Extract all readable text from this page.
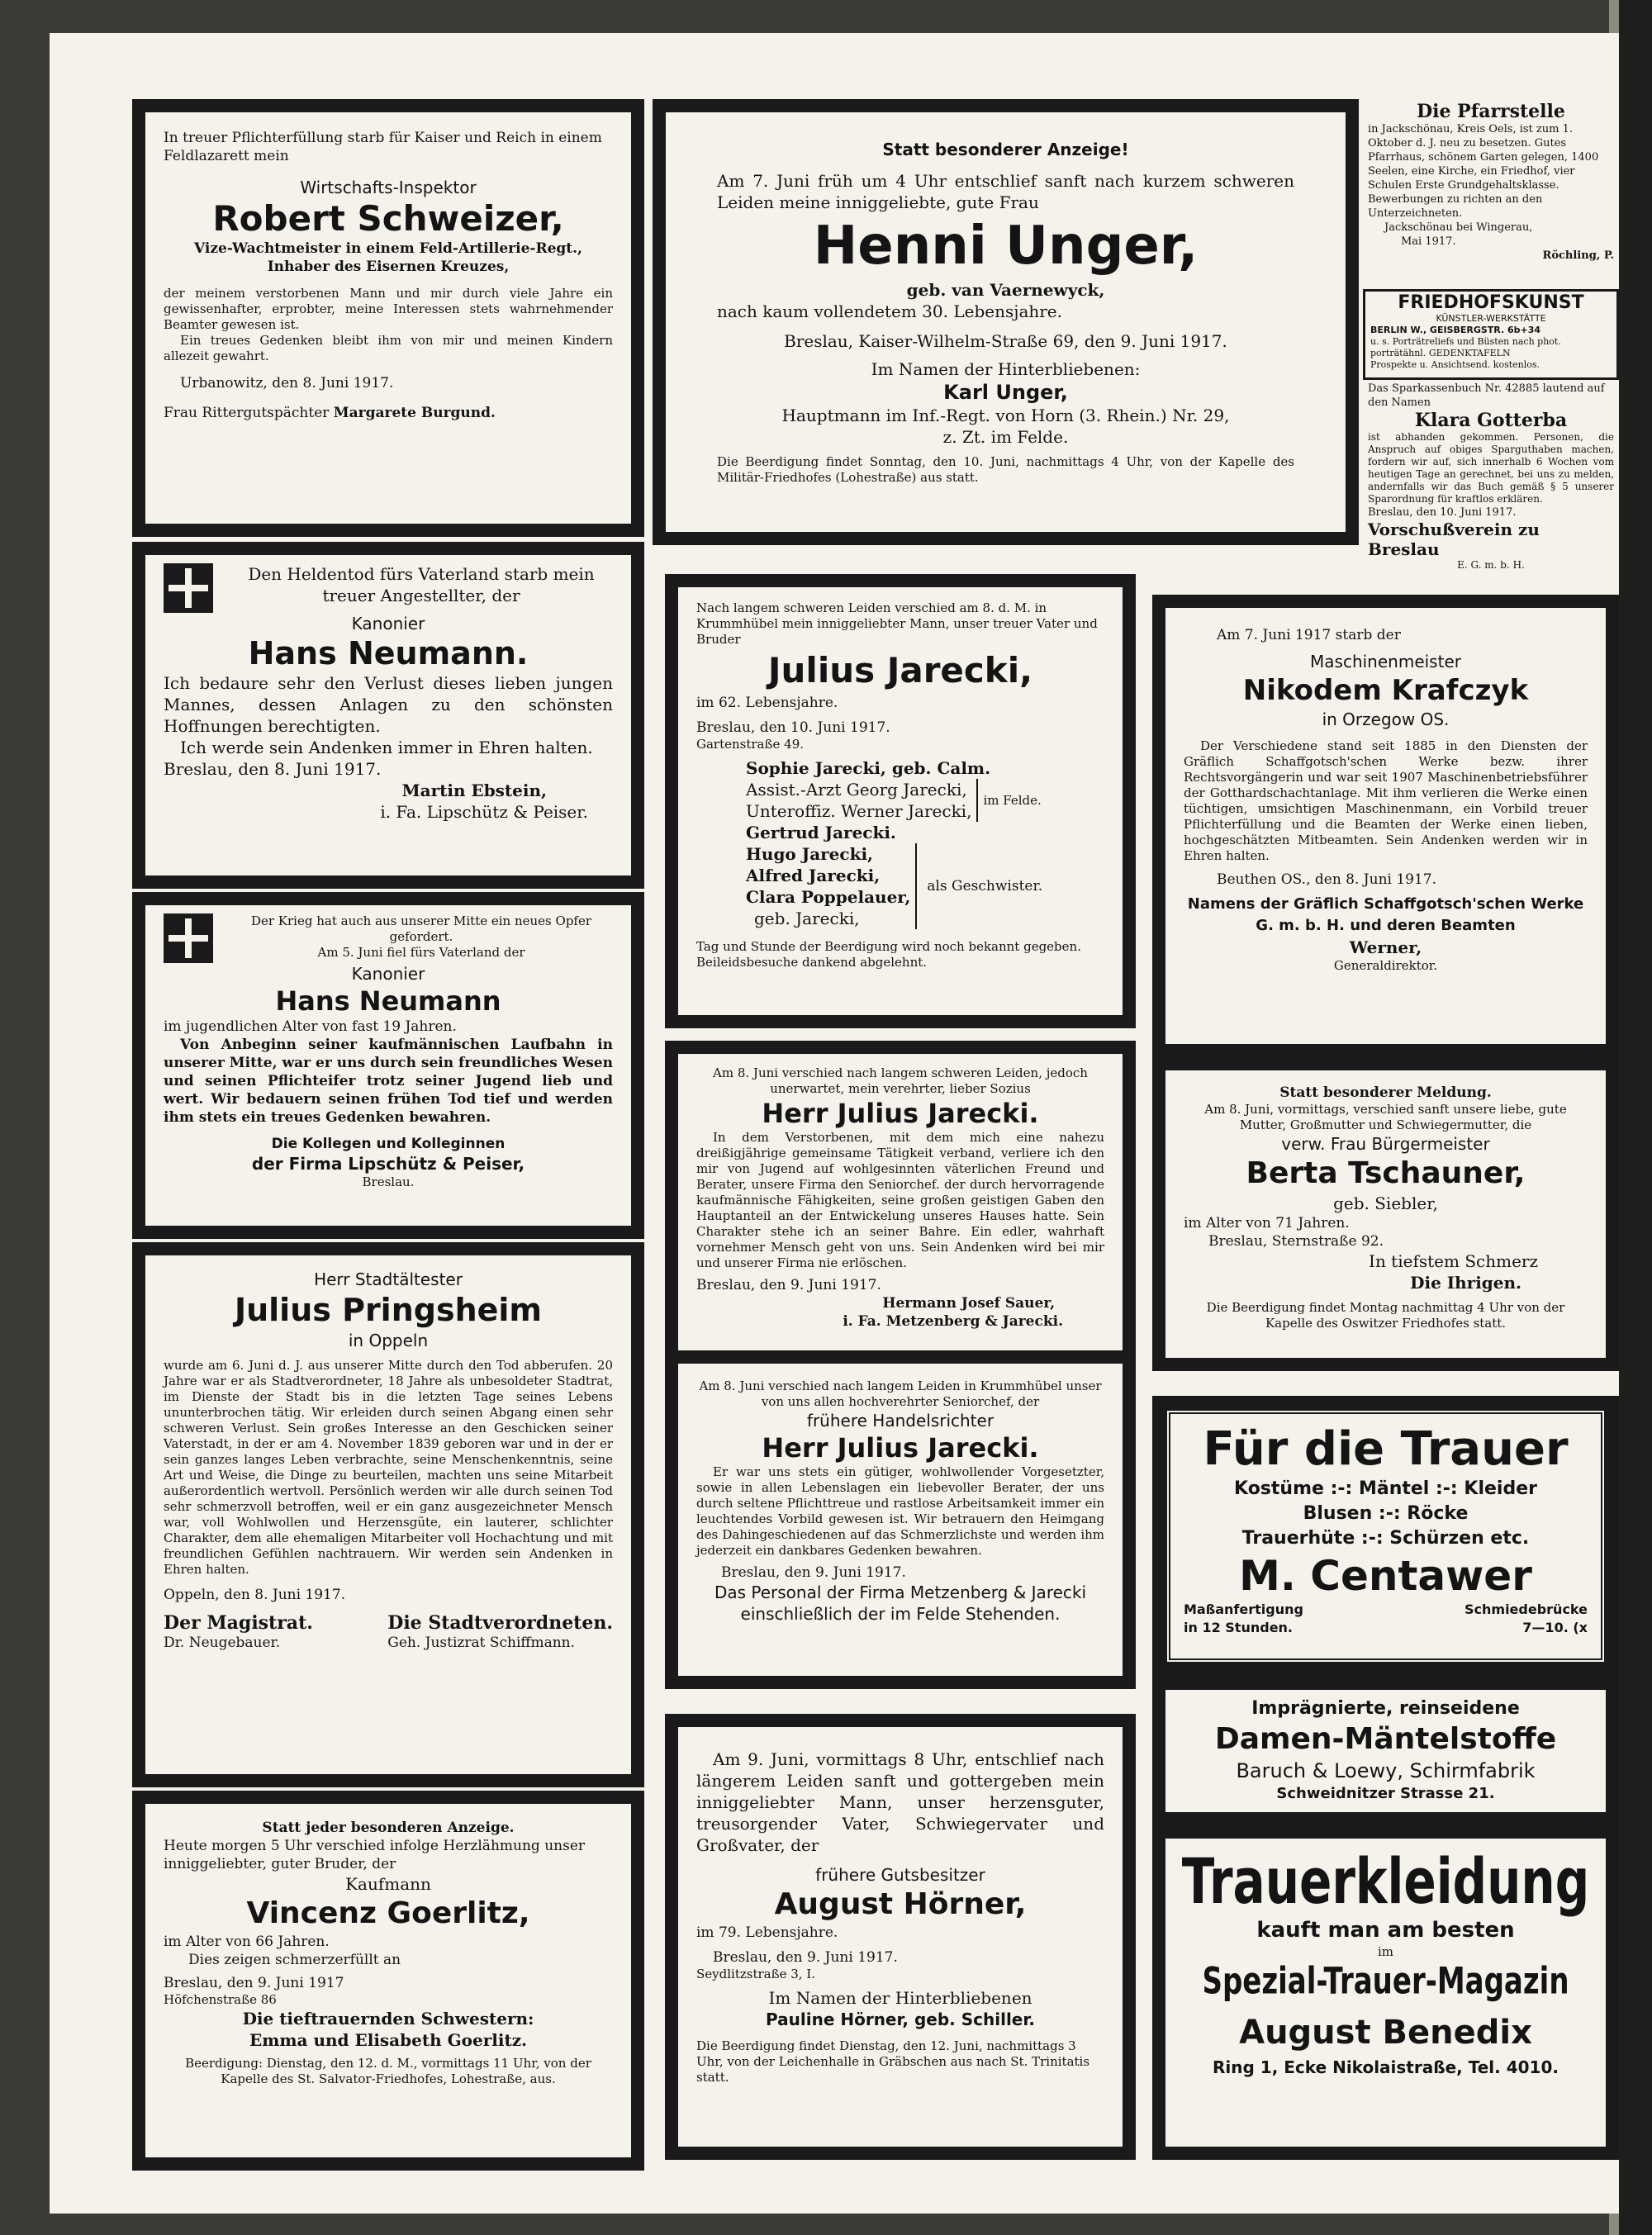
In treuer Pflichterfüllung starb für Kaiser und Reich in einem Feldlazarett mein

Wirtschafts-Inspektor

Robert Schweizer,

Vize-Wachtmeister in einem Feld-Artillerie-Regt.,

Inhaber des Eisernen Kreuzes,

der meinem verstorbenen Mann und mir durch viele Jahre ein gewissenhafter, erprobter, meine Interessen stets wahrnehmender Beamter gewesen ist.

Ein treues Gedenken bleibt ihm von mir und meinen Kindern allezeit gewahrt.

Urbanowitz, den 8. Juni 1917.

Frau Rittergutspächter Margarete Burgund.

Den Heldentod fürs Vaterland starb mein treuer Angestellter, der

Kanonier

Hans Neumann.

Ich bedaure sehr den Verlust dieses lieben jungen Mannes, dessen Anlagen zu den schönsten Hoffnungen berechtigten.

Ich werde sein Andenken immer in Ehren halten.

Breslau, den 8. Juni 1917.

Martin Ebstein,

i. Fa. Lipschütz & Peiser.

Der Krieg hat auch aus unserer Mitte ein neues Opfer gefordert.

Am 5. Juni fiel fürs Vaterland der

Kanonier

Hans Neumann

im jugendlichen Alter von fast 19 Jahren.

Von Anbeginn seiner kaufmännischen Laufbahn in unserer Mitte, war er uns durch sein freundliches Wesen und seinen Pflichteifer trotz seiner Jugend lieb und wert. Wir bedauern seinen frühen Tod tief und werden ihm stets ein treues Gedenken bewahren.

Die Kollegen und Kolleginnen

der Firma Lipschütz & Peiser,

Breslau.

Herr Stadtältester

Julius Pringsheim

in Oppeln

wurde am 6. Juni d. J. aus unserer Mitte durch den Tod abberufen. 20 Jahre war er als Stadtverordneter, 18 Jahre als unbesoldeter Stadtrat, im Dienste der Stadt bis in die letzten Tage seines Lebens ununterbrochen tätig. Wir erleiden durch seinen Abgang einen sehr schweren Verlust. Sein großes Interesse an den Geschicken seiner Vaterstadt, in der er am 4. November 1839 geboren war und in der er sein ganzes langes Leben verbrachte, seine Menschenkenntnis, seine Art und Weise, die Dinge zu beurteilen, machten uns seine Mitarbeit außerordentlich wertvoll. Persönlich werden wir alle durch seinen Tod sehr schmerzvoll betroffen, weil er ein ganz ausgezeichneter Mensch war, voll Wohlwollen und Herzensgüte, ein lauterer, schlichter Charakter, dem alle ehemaligen Mitarbeiter voll Hochachtung und mit freundlichen Gefühlen nachtrauern. Wir werden sein Andenken in Ehren halten.

Oppeln, den 8. Juni 1917.

Der Magistrat.

Dr. Neugebauer.

Die Stadtverordneten.

Geh. Justizrat Schiffmann.

Statt jeder besonderen Anzeige.

Heute morgen 5 Uhr verschied infolge Herzlähmung unser inniggeliebter, guter Bruder, der

Kaufmann

Vincenz Goerlitz,

im Alter von 66 Jahren.

Dies zeigen schmerzerfüllt an

Breslau, den 9. Juni 1917

Höfchenstraße 86

Die tieftrauernden Schwestern:

Emma und Elisabeth Goerlitz.

Beerdigung: Dienstag, den 12. d. M., vormittags 11 Uhr, von der Kapelle des St. Salvator-Friedhofes, Lohestraße, aus.

Statt besonderer Anzeige!

Am 7. Juni früh um 4 Uhr entschlief sanft nach kurzem schweren Leiden meine inniggeliebte, gute Frau

Henni Unger,

geb. van Vaernewyck,

nach kaum vollendetem 30. Lebensjahre.

Breslau, Kaiser-Wilhelm-Straße 69, den 9. Juni 1917.

Im Namen der Hinterbliebenen:

Karl Unger,

Hauptmann im Inf.-Regt. von Horn (3. Rhein.) Nr. 29,

z. Zt. im Felde.

Die Beerdigung findet Sonntag, den 10. Juni, nachmittags 4 Uhr, von der Kapelle des Militär-Friedhofes (Lohestraße) aus statt.

Nach langem schweren Leiden verschied am 8. d. M. in Krummhübel mein inniggeliebter Mann, unser treuer Vater und Bruder

Julius Jarecki,

im 62. Lebensjahre.

Breslau, den 10. Juni 1917.

Gartenstraße 49.

Sophie Jarecki, geb. Calm.

Assist.-Arzt Georg Jarecki,

Unteroffiz. Werner Jarecki,

im Felde.

Gertrud Jarecki.

Hugo Jarecki,

Alfred Jarecki,

Clara Poppelauer,

geb. Jarecki,

als Geschwister.

Tag und Stunde der Beerdigung wird noch bekannt gegeben.

Beileidsbesuche dankend abgelehnt.

Am 8. Juni verschied nach langem schweren Leiden, jedoch unerwartet, mein verehrter, lieber Sozius

Herr Julius Jarecki.

In dem Verstorbenen, mit dem mich eine nahezu dreißigjährige gemeinsame Tätigkeit verband, verliere ich den mir von Jugend auf wohlgesinnten väterlichen Freund und Berater, unsere Firma den Seniorchef. der durch hervorragende kaufmännische Fähigkeiten, seine großen geistigen Gaben den Hauptanteil an der Entwickelung unseres Hauses hatte. Sein Charakter stehe ich an seiner Bahre. Ein edler, wahrhaft vornehmer Mensch geht von uns. Sein Andenken wird bei mir und unserer Firma nie erlöschen.

Breslau, den 9. Juni 1917.

Hermann Josef Sauer,

i. Fa. Metzenberg & Jarecki.

Am 8. Juni verschied nach langem Leiden in Krummhübel unser von uns allen hochverehrter Seniorchef, der

frühere Handelsrichter

Herr Julius Jarecki.

Er war uns stets ein gütiger, wohlwollender Vorgesetzter, sowie in allen Lebenslagen ein liebevoller Berater, der uns durch seltene Pflichttreue und rastlose Arbeitsamkeit immer ein leuchtendes Vorbild gewesen ist. Wir betrauern den Heimgang des Dahingeschiedenen auf das Schmerzlichste und werden ihm jederzeit ein dankbares Gedenken bewahren.

Breslau, den 9. Juni 1917.

Das Personal der Firma Metzenberg & Jarecki

einschließlich der im Felde Stehenden.

Am 9. Juni, vormittags 8 Uhr, entschlief nach längerem Leiden sanft und gottergeben mein inniggeliebter Mann, unser herzensguter, treusorgender Vater, Schwiegervater und Großvater, der

frühere Gutsbesitzer

August Hörner,

im 79. Lebensjahre.

Breslau, den 9. Juni 1917.

Seydlitzstraße 3, I.

Im Namen der Hinterbliebenen

Pauline Hörner, geb. Schiller.

Die Beerdigung findet Dienstag, den 12. Juni, nachmittags 3 Uhr, von der Leichenhalle in Gräbschen aus nach St. Trinitatis statt.

Die Pfarrstelle

in Jackschönau, Kreis Oels, ist zum 1. Oktober d. J. neu zu besetzen. Gutes Pfarrhaus, schönem Garten gelegen, 1400 Seelen, eine Kirche, ein Friedhof, vier Schulen Erste Grundgehaltsklasse. Bewerbungen zu richten an den Unterzeichneten.

Jackschönau bei Wingerau,

Mai 1917.

Röchling, P.

FRIEDHOFSKUNST

KÜNSTLER-WERKSTÄTTE

BERLIN W., GEISBERGSTR. 6b+34

u. s. Porträtreliefs und Büsten nach phot. porträtähnl. GEDENKTAFELN

Prospekte u. Ansichtsend. kostenlos.

Das Sparkassenbuch Nr. 42885 lautend auf den Namen

Klara Gotterba

ist abhanden gekommen. Personen, die Anspruch auf obiges Sparguthaben machen, fordern wir auf, sich innerhalb 6 Wochen vom heutigen Tage an gerechnet, bei uns zu melden, andernfalls wir das Buch gemäß § 5 unserer Sparordnung für kraftlos erklären.

Breslau, den 10. Juni 1917.

Vorschußverein zu Breslau

E. G. m. b. H.

Am 7. Juni 1917 starb der

Maschinenmeister

Nikodem Krafczyk

in Orzegow OS.

Der Verschiedene stand seit 1885 in den Diensten der Gräflich Schaffgotsch'schen Werke bezw. ihrer Rechtsvorgängerin und war seit 1907 Maschinenbetriebsführer der Gotthardschachtanlage. Mit ihm verlieren die Werke einen tüchtigen, umsichtigen Maschinenmann, ein Vorbild treuer Pflichterfüllung und die Beamten der Werke einen lieben, hochgeschätzten Mitbeamten. Sein Andenken werden wir in Ehren halten.

Beuthen OS., den 8. Juni 1917.

Namens der Gräflich Schaffgotsch'schen Werke

G. m. b. H. und deren Beamten

Werner,

Generaldirektor.

Statt besonderer Meldung.

Am 8. Juni, vormittags, verschied sanft unsere liebe, gute Mutter, Großmutter und Schwiegermutter, die

verw. Frau Bürgermeister

Berta Tschauner,

geb. Siebler,

im Alter von 71 Jahren.

Breslau, Sternstraße 92.

In tiefstem Schmerz

Die Ihrigen.

Die Beerdigung findet Montag nachmittag 4 Uhr von der Kapelle des Oswitzer Friedhofes statt.

Für die Trauer

Kostüme :-: Mäntel :-: Kleider

Blusen :-: Röcke

Trauerhüte :-: Schürzen etc.

M. Centawer

Maßanfertigung

in 12 Stunden.

Schmiedebrücke

7—10. (x

Imprägnierte, reinseidene

Damen-Mäntelstoffe

Baruch & Loewy, Schirmfabrik

Schweidnitzer Strasse 21.

Trauerkleidung

kauft man am besten

im

Spezial-Trauer-Magazin

August Benedix

Ring 1, Ecke Nikolaistraße, Tel. 4010.
